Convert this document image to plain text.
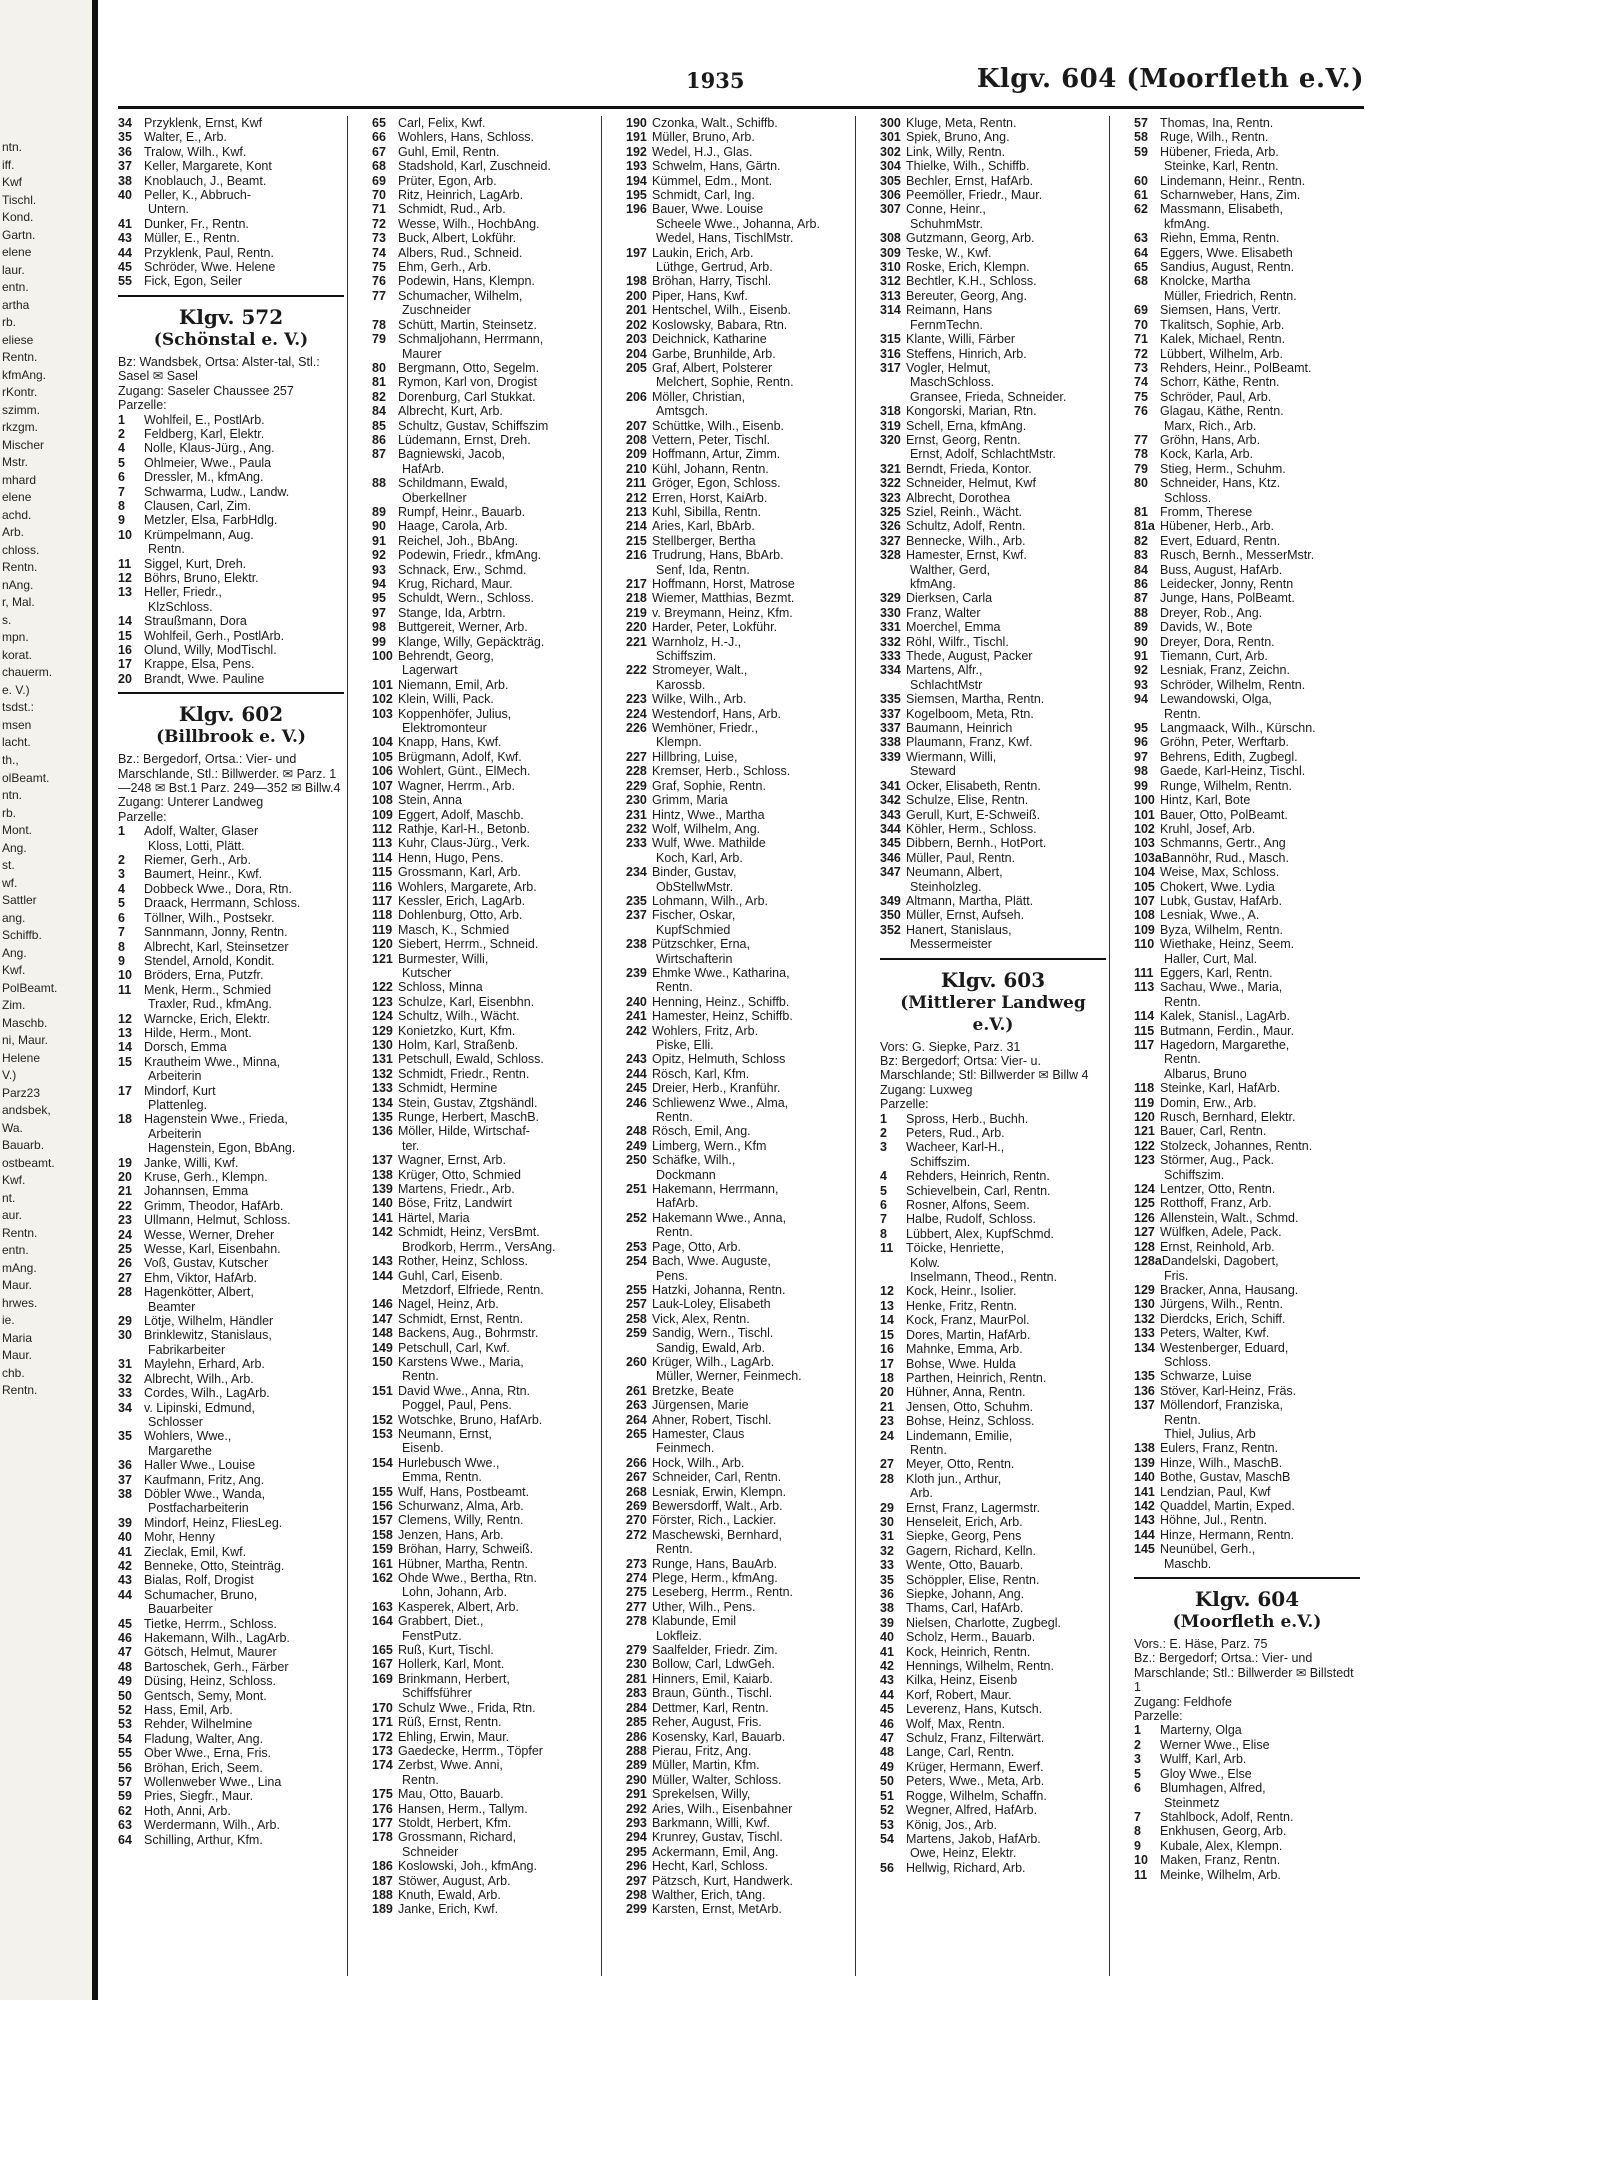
ntn.
iff.
Kwf
Tischl.
Kond.
Gartn.
elene
laur.
entn.
artha
rb.
eliese
Rentn.
kfmAng.
rKontr.
szimm.
rkzgm.
Mischer
Mstr.
mhard
elene
achd.
Arb.
chloss.
Rentn.
nAng.
r, Mal.
s.
mpn.
korat.
chauerm.
e. V.)
tsdst.:
msen
lacht.
th.,
olBeamt.
ntn.
rb.
Mont.
Ang.
st.
wf.
Sattler
ang.
Schiffb.
Ang.
Kwf.
PolBeamt.
Zim.
Maschb.
ni, Maur.
Helene
V.)
Parz23
andsbek,
Wa.
Bauarb.
ostbeamt.
Kwf.
nt.
aur.
Rentn.
entn.
mAng.
Maur.
hrwes.
ie.
Maria
Maur.
chb.
Rentn.
1935	Klgv. 604 (Moorfleth e.V.)
34 Przyklenk, Ernst, Kwf
35 Walter, E., Arb.
36 Tralow, Wilh., Kwf.
37 Keller, Margarete, Kont
38 Knoblauch, J., Beamt.
40 Peller, K., Abbruch-
Untern.
41 Dunker, Fr., Rentn.
43 Müller, E., Rentn.
44 Przyklenk, Paul, Rentn.
45 Schröder, Wwe. Helene
55 Fick, Egon, Seiler
Klgv. 572
(Schönstal e. V.)
Bz: Wandsbek, Ortsa: Alster-tal, Stl.: Sasel ✉ Sasel
Zugang: Saseler Chaussee 257
Parzelle:
1 Wohlfeil, E., PostlArb.
2 Feldberg, Karl, Elektr.
4 Nolle, Klaus-Jürg., Ang.
5 Ohlmeier, Wwe., Paula
6 Dressler, M., kfmAng.
7 Schwarma, Ludw., Landw.
8 Clausen, Carl, Zim.
9 Metzler, Elsa, FarbHdlg.
10 Krümpelmann, Aug.
Rentn.
11 Siggel, Kurt, Dreh.
12 Böhrs, Bruno, Elektr.
13 Heller, Friedr.,
KlzSchloss.
14 Straußmann, Dora
15 Wohlfeil, Gerh., PostlArb.
16 Olund, Willy, ModTischl.
17 Krappe, Elsa, Pens.
20 Brandt, Wwe. Pauline
Klgv. 602
(Billbrook e. V.)
Bz.: Bergedorf, Ortsa.: Vier- und Marschlande, Stl.: Billwerder. ✉ Parz. 1—248 ✉ Bst.1 Parz. 249—352 ✉ Billw.4
Zugang: Unterer Landweg
Parzelle:
1 Adolf, Walter, Glaser
Kloss, Lotti, Plätt.
2 Riemer, Gerh., Arb.
3 Baumert, Heinr., Kwf.
4 Dobbeck Wwe., Dora, Rtn.
5 Draack, Herrmann, Schloss.
6 Töllner, Wilh., Postsekr.
7 Sannmann, Jonny, Rentn.
8 Albrecht, Karl, Steinsetzer
9 Stendel, Arnold, Kondit.
10 Bröders, Erna, Putzfr.
11 Menk, Herm., Schmied
Traxler, Rud., kfmAng.
12 Warncke, Erich, Elektr.
13 Hilde, Herm., Mont.
14 Dorsch, Emma
15 Krautheim Wwe., Minna,
Arbeiterin
17 Mindorf, Kurt
Plattenleg.
18 Hagenstein Wwe., Frieda,
Arbeiterin
Hagenstein, Egon, BbAng.
19 Janke, Willi, Kwf.
20 Kruse, Gerh., Klempn.
21 Johannsen, Emma
22 Grimm, Theodor, HafArb.
23 Ullmann, Helmut, Schloss.
24 Wesse, Werner, Dreher
25 Wesse, Karl, Eisenbahn.
26 Voß, Gustav, Kutscher
27 Ehm, Viktor, HafArb.
28 Hagenkötter, Albert,
Beamter
29 Lötje, Wilhelm, Händler
30 Brinklewitz, Stanislaus,
Fabrikarbeiter
31 Maylehn, Erhard, Arb.
32 Albrecht, Wilh., Arb.
33 Cordes, Wilh., LagArb.
34 v. Lipinski, Edmund,
Schlosser
35 Wohlers, Wwe.,
Margarethe
36 Haller Wwe., Louise
37 Kaufmann, Fritz, Ang.
38 Döbler Wwe., Wanda,
Postfacharbeiterin
39 Mindorf, Heinz, FliesLeg.
40 Mohr, Henny
41 Zieclak, Emil, Kwf.
42 Benneke, Otto, Steinträg.
43 Bialas, Rolf, Drogist
44 Schumacher, Bruno,
Bauarbeiter
45 Tietke, Herrm., Schloss.
46 Hakemann, Wilh., LagArb.
47 Götsch, Helmut, Maurer
48 Bartoschek, Gerh., Färber
49 Düsing, Heinz, Schloss.
50 Gentsch, Semy, Mont.
52 Hass, Emil, Arb.
53 Rehder, Wilhelmine
54 Fladung, Walter, Ang.
55 Ober Wwe., Erna, Fris.
56 Bröhan, Erich, Seem.
57 Wollenweber Wwe., Lina
59 Pries, Siegfr., Maur.
62 Hoth, Anni, Arb.
63 Werdermann, Wilh., Arb.
64 Schilling, Arthur, Kfm.
65 Carl, Felix, Kwf.
66 Wohlers, Hans, Schloss.
67 Guhl, Emil, Rentn.
68 Stadshold, Karl, Zuschneid.
69 Prüter, Egon, Arb.
70 Ritz, Heinrich, LagArb.
71 Schmidt, Rud., Arb.
72 Wesse, Wilh., HochbAng.
73 Buck, Albert, Lokführ.
74 Albers, Rud., Schneid.
75 Ehm, Gerh., Arb.
76 Podewin, Hans, Klempn.
77 Schumacher, Wilhelm,
Zuschneider
78 Schütt, Martin, Steinsetz.
79 Schmaljohann, Herrmann,
Maurer
80 Bergmann, Otto, Segelm.
81 Rymon, Karl von, Drogist
82 Dorenburg, Carl Stukkat.
84 Albrecht, Kurt, Arb.
85 Schultz, Gustav, Schiffszim
86 Lüdemann, Ernst, Dreh.
87 Bagniewski, Jacob,
HafArb.
88 Schildmann, Ewald,
Oberkellner
89 Rumpf, Heinr., Bauarb.
90 Haage, Carola, Arb.
91 Reichel, Joh., BbAng.
92 Podewin, Friedr., kfmAng.
93 Schnack, Erw., Schmd.
94 Krug, Richard, Maur.
95 Schuldt, Wern., Schloss.
97 Stange, Ida, Arbtrn.
98 Buttgereit, Werner, Arb.
99 Klange, Willy, Gepäckträg.
100 Behrendt, Georg,
Lagerwart
101 Niemann, Emil, Arb.
102 Klein, Willi, Pack.
103 Koppenhöfer, Julius,
Elektromonteur
104 Knapp, Hans, Kwf.
105 Brügmann, Adolf, Kwf.
106 Wohlert, Günt., ElMech.
107 Wagner, Herrm., Arb.
108 Stein, Anna
109 Eggert, Adolf, Maschb.
112 Rathje, Karl-H., Betonb.
113 Kuhr, Claus-Jürg., Verk.
114 Henn, Hugo, Pens.
115 Grossmann, Karl, Arb.
116 Wohlers, Margarete, Arb.
117 Kessler, Erich, LagArb.
118 Dohlenburg, Otto, Arb.
119 Masch, K., Schmied
120 Siebert, Herrm., Schneid.
121 Burmester, Willi,
Kutscher
122 Schloss, Minna
123 Schulze, Karl, Eisenbhn.
124 Schultz, Wilh., Wächt.
129 Konietzko, Kurt, Kfm.
130 Holm, Karl, Straßenb.
131 Petschull, Ewald, Schloss.
132 Schmidt, Friedr., Rentn.
133 Schmidt, Hermine
134 Stein, Gustav, Ztgshändl.
135 Runge, Herbert, MaschB.
136 Möller, Hilde, Wirtschaf-
ter.
137 Wagner, Ernst, Arb.
138 Krüger, Otto, Schmied
139 Martens, Friedr., Arb.
140 Böse, Fritz, Landwirt
141 Härtel, Maria
142 Schmidt, Heinz, VersBmt.
Brodkorb, Herrm., VersAng.
143 Rother, Heinz, Schloss.
144 Guhl, Carl, Eisenb.
Metzdorf, Elfriede, Rentn.
146 Nagel, Heinz, Arb.
147 Schmidt, Ernst, Rentn.
148 Backens, Aug., Bohrmstr.
149 Petschull, Carl, Kwf.
150 Karstens Wwe., Maria,
Rentn.
151 David Wwe., Anna, Rtn.
Poggel, Paul, Pens.
152 Wotschke, Bruno, HafArb.
153 Neumann, Ernst,
Eisenb.
154 Hurlebusch Wwe.,
Emma, Rentn.
155 Wulf, Hans, Postbeamt.
156 Schurwanz, Alma, Arb.
157 Clemens, Willy, Rentn.
158 Jenzen, Hans, Arb.
159 Bröhan, Harry, Schweiß.
161 Hübner, Martha, Rentn.
162 Ohde Wwe., Bertha, Rtn.
Lohn, Johann, Arb.
163 Kasperek, Albert, Arb.
164 Grabbert, Diet.,
FenstPutz.
165 Ruß, Kurt, Tischl.
167 Hollerk, Karl, Mont.
169 Brinkmann, Herbert,
Schiffsführer
170 Schulz Wwe., Frida, Rtn.
171 Rüß, Ernst, Rentn.
172 Ehling, Erwin, Maur.
173 Gaedecke, Herrm., Töpfer
174 Zerbst, Wwe. Anni,
Rentn.
175 Mau, Otto, Bauarb.
176 Hansen, Herm., Tallym.
177 Stoldt, Herbert, Kfm.
178 Grossmann, Richard,
Schneider
186 Koslowski, Joh., kfmAng.
187 Stöwer, August, Arb.
188 Knuth, Ewald, Arb.
189 Janke, Erich, Kwf.
190 Czonka, Walt., Schiffb.
191 Müller, Bruno, Arb.
192 Wedel, H.J., Glas.
193 Schwelm, Hans, Gärtn.
194 Kümmel, Edm., Mont.
195 Schmidt, Carl, Ing.
196 Bauer, Wwe. Louise
Scheele Wwe., Johanna, Arb.
Wedel, Hans, TischlMstr.
197 Laukin, Erich, Arb.
Lüthge, Gertrud, Arb.
198 Bröhan, Harry, Tischl.
200 Piper, Hans, Kwf.
201 Hentschel, Wilh., Eisenb.
202 Koslowsky, Babara, Rtn.
203 Deichnick, Katharine
204 Garbe, Brunhilde, Arb.
205 Graf, Albert, Polsterer
Melchert, Sophie, Rentn.
206 Möller, Christian,
Amtsgch.
207 Schüttke, Wilh., Eisenb.
208 Vettern, Peter, Tischl.
209 Hoffmann, Artur, Zimm.
210 Kühl, Johann, Rentn.
211 Gröger, Egon, Schloss.
212 Erren, Horst, KaiArb.
213 Kuhl, Sibilla, Rentn.
214 Aries, Karl, BbArb.
215 Stellberger, Bertha
216 Trudrung, Hans, BbArb.
Senf, Ida, Rentn.
217 Hoffmann, Horst, Matrose
218 Wiemer, Matthias, Bezmt.
219 v. Breymann, Heinz, Kfm.
220 Harder, Peter, Lokführ.
221 Warnholz, H.-J.,
Schiffszim.
222 Stromeyer, Walt.,
Karossb.
223 Wilke, Wilh., Arb.
224 Westendorf, Hans, Arb.
226 Wemhöner, Friedr.,
Klempn.
227 Hillbring, Luise,
228 Kremser, Herb., Schloss.
229 Graf, Sophie, Rentn.
230 Grimm, Maria
231 Hintz, Wwe., Martha
232 Wolf, Wilhelm, Ang.
233 Wulf, Wwe. Mathilde
Koch, Karl, Arb.
234 Binder, Gustav,
ObStellwMstr.
235 Lohmann, Wilh., Arb.
237 Fischer, Oskar,
KupfSchmied
238 Pützschker, Erna,
Wirtschafterin
239 Ehmke Wwe., Katharina,
Rentn.
240 Henning, Heinz., Schiffb.
241 Hamester, Heinz, Schiffb.
242 Wohlers, Fritz, Arb.
Piske, Elli.
243 Opitz, Helmuth, Schloss
244 Rösch, Karl, Kfm.
245 Dreier, Herb., Kranführ.
246 Schliewenz Wwe., Alma,
Rentn.
248 Rösch, Emil, Ang.
249 Limberg, Wern., Kfm
250 Schäfke, Wilh.,
Dockmann
251 Hakemann, Herrmann,
HafArb.
252 Hakemann Wwe., Anna,
Rentn.
253 Page, Otto, Arb.
254 Bach, Wwe. Auguste,
Pens.
255 Hatzki, Johanna, Rentn.
257 Lauk-Loley, Elisabeth
258 Vick, Alex, Rentn.
259 Sandig, Wern., Tischl.
Sandig, Ewald, Arb.
260 Krüger, Wilh., LagArb.
Müller, Werner, Feinmech.
261 Bretzke, Beate
263 Jürgensen, Marie
264 Ahner, Robert, Tischl.
265 Hamester, Claus
Feinmech.
266 Hock, Wilh., Arb.
267 Schneider, Carl, Rentn.
268 Lesniak, Erwin, Klempn.
269 Bewersdorff, Walt., Arb.
270 Förster, Rich., Lackier.
272 Maschewski, Bernhard,
Rentn.
273 Runge, Hans, BauArb.
274 Plege, Herm., kfmAng.
275 Leseberg, Herrm., Rentn.
277 Uther, Wilh., Pens.
278 Klabunde, Emil
Lokfleiz.
279 Saalfelder, Friedr. Zim.
230 Bollow, Carl, LdwGeh.
281 Hinners, Emil, Kaiarb.
283 Braun, Günth., Tischl.
284 Dettmer, Karl, Rentn.
285 Reher, August, Fris.
286 Kosensky, Karl, Bauarb.
288 Pierau, Fritz, Ang.
289 Müller, Martin, Kfm.
290 Müller, Walter, Schloss.
291 Sprekelsen, Willy,
292 Aries, Wilh., Eisenbahner
293 Barkmann, Willi, Kwf.
294 Krunrey, Gustav, Tischl.
295 Ackermann, Emil, Ang.
296 Hecht, Karl, Schloss.
297 Pätzsch, Kurt, Handwerk.
298 Walther, Erich, tAng.
299 Karsten, Ernst, MetArb.
300 Kluge, Meta, Rentn.
301 Spiek, Bruno, Ang.
302 Link, Willy, Rentn.
304 Thielke, Wilh., Schiffb.
305 Bechler, Ernst, HafArb.
306 Peemöller, Friedr., Maur.
307 Conne, Heinr.,
SchuhmMstr.
308 Gutzmann, Georg, Arb.
309 Teske, W., Kwf.
310 Roske, Erich, Klempn.
312 Bechtler, K.H., Schloss.
313 Bereuter, Georg, Ang.
314 Reimann, Hans
FernmTechn.
315 Klante, Willi, Färber
316 Steffens, Hinrich, Arb.
317 Vogler, Helmut,
MaschSchloss.
Gransee, Frieda, Schneider.
318 Kongorski, Marian, Rtn.
319 Schell, Erna, kfmAng.
320 Ernst, Georg, Rentn.
Ernst, Adolf, SchlachtMstr.
321 Berndt, Frieda, Kontor.
322 Schneider, Helmut, Kwf
323 Albrecht, Dorothea
325 Sziel, Reinh., Wächt.
326 Schultz, Adolf, Rentn.
327 Bennecke, Wilh., Arb.
328 Hamester, Ernst, Kwf.
Walther, Gerd,
kfmAng.
329 Dierksen, Carla
330 Franz, Walter
331 Moerchel, Emma
332 Röhl, Wilfr., Tischl.
333 Thede, August, Packer
334 Martens, Alfr.,
SchlachtMstr
335 Siemsen, Martha, Rentn.
337 Kogelboom, Meta, Rtn.
337 Baumann, Heinrich
338 Plaumann, Franz, Kwf.
339 Wiermann, Willi,
Steward
341 Ocker, Elisabeth, Rentn.
342 Schulze, Elise, Rentn.
343 Gerull, Kurt, E-Schweiß.
344 Köhler, Herm., Schloss.
345 Dibbern, Bernh., HotPort.
346 Müller, Paul, Rentn.
347 Neumann, Albert,
Steinholzleg.
349 Altmann, Martha, Plätt.
350 Müller, Ernst, Aufseh.
352 Hanert, Stanislaus,
Messermeister
Klgv. 603
(Mittlerer Landweg e.V.)
Vors: G. Siepke, Parz. 31
Bz: Bergedorf; Ortsa: Vier- u. Marschlande; Stl: Billwerder ✉ Billw 4
Zugang: Luxweg
Parzelle:
1 Spross, Herb., Buchh.
2 Peters, Rud., Arb.
3 Wacheer, Karl-H.,
Schiffszim.
4 Rehders, Heinrich, Rentn.
5 Schievelbein, Carl, Rentn.
6 Rosner, Alfons, Seem.
7 Halbe, Rudolf, Schloss.
8 Lübbert, Alex, KupfSchmd.
11 Töicke, Henriette,
Kolw.
Inselmann, Theod., Rentn.
12 Kock, Heinr., Isolier.
13 Henke, Fritz, Rentn.
14 Kock, Franz, MaurPol.
15 Dores, Martin, HafArb.
16 Mahnke, Emma, Arb.
17 Bohse, Wwe. Hulda
18 Parthen, Heinrich, Rentn.
20 Hühner, Anna, Rentn.
21 Jensen, Otto, Schuhm.
23 Bohse, Heinz, Schloss.
24 Lindemann, Emilie,
Rentn.
27 Meyer, Otto, Rentn.
28 Kloth jun., Arthur,
Arb.
29 Ernst, Franz, Lagermstr.
30 Henseleit, Erich, Arb.
31 Siepke, Georg, Pens
32 Gagern, Richard, Kelln.
33 Wente, Otto, Bauarb.
35 Schöppler, Elise, Rentn.
36 Siepke, Johann, Ang.
38 Thams, Carl, HafArb.
39 Nielsen, Charlotte, Zugbegl.
40 Scholz, Herm., Bauarb.
41 Kock, Heinrich, Rentn.
42 Hennings, Wilhelm, Rentn.
43 Kilka, Heinz, Eisenb
44 Korf, Robert, Maur.
45 Leverenz, Hans, Kutsch.
46 Wolf, Max, Rentn.
47 Schulz, Franz, Filterwärt.
48 Lange, Carl, Rentn.
49 Krüger, Hermann, Ewerf.
50 Peters, Wwe., Meta, Arb.
51 Rogge, Wilhelm, Schaffn.
52 Wegner, Alfred, HafArb.
53 König, Jos., Arb.
54 Martens, Jakob, HafArb.
Owe, Heinz, Elektr.
56 Hellwig, Richard, Arb.
57 Thomas, Ina, Rentn.
58 Ruge, Wilh., Rentn.
59 Hübener, Frieda, Arb.
Steinke, Karl, Rentn.
60 Lindemann, Heinr., Rentn.
61 Scharnweber, Hans, Zim.
62 Massmann, Elisabeth,
kfmAng.
63 Riehn, Emma, Rentn.
64 Eggers, Wwe. Elisabeth
65 Sandius, August, Rentn.
68 Knolcke, Martha
Müller, Friedrich, Rentn.
69 Siemsen, Hans, Vertr.
70 Tkalitsch, Sophie, Arb.
71 Kalek, Michael, Rentn.
72 Lübbert, Wilhelm, Arb.
73 Rehders, Heinr., PolBeamt.
74 Schorr, Käthe, Rentn.
75 Schröder, Paul, Arb.
76 Glagau, Käthe, Rentn.
Marx, Rich., Arb.
77 Gröhn, Hans, Arb.
78 Kock, Karla, Arb.
79 Stieg, Herm., Schuhm.
80 Schneider, Hans, Ktz.
Schloss.
81 Fromm, Therese
81a Hübener, Herb., Arb.
82 Evert, Eduard, Rentn.
83 Rusch, Bernh., MesserMstr.
84 Buss, August, HafArb.
86 Leidecker, Jonny, Rentn
87 Junge, Hans, PolBeamt.
88 Dreyer, Rob., Ang.
89 Davids, W., Bote
90 Dreyer, Dora, Rentn.
91 Tiemann, Curt, Arb.
92 Lesniak, Franz, Zeichn.
93 Schröder, Wilhelm, Rentn.
94 Lewandowski, Olga,
Rentn.
95 Langmaack, Wilh., Kürschn.
96 Gröhn, Peter, Werftarb.
97 Behrens, Edith, Zugbegl.
98 Gaede, Karl-Heinz, Tischl.
99 Runge, Wilhelm, Rentn.
100 Hintz, Karl, Bote
101 Bauer, Otto, PolBeamt.
102 Kruhl, Josef, Arb.
103 Schmanns, Gertr., Ang
103aBannöhr, Rud., Masch.
104 Weise, Max, Schloss.
105 Chokert, Wwe. Lydia
107 Lubk, Gustav, HafArb.
108 Lesniak, Wwe., A.
109 Byza, Wilhelm, Rentn.
110 Wiethake, Heinz, Seem.
Haller, Curt, Mal.
111 Eggers, Karl, Rentn.
113 Sachau, Wwe., Maria,
Rentn.
114 Kalek, Stanisl., LagArb.
115 Butmann, Ferdin., Maur.
117 Hagedorn, Margarethe,
Rentn.
Albarus, Bruno
118 Steinke, Karl, HafArb.
119 Domin, Erw., Arb.
120 Rusch, Bernhard, Elektr.
121 Bauer, Carl, Rentn.
122 Stolzeck, Johannes, Rentn.
123 Störmer, Aug., Pack.
Schiffszim.
124 Lentzer, Otto, Rentn.
125 Rotthoff, Franz, Arb.
126 Allenstein, Walt., Schmd.
127 Wülfken, Adele, Pack.
128 Ernst, Reinhold, Arb.
128aDandelski, Dagobert,
Fris.
129 Bracker, Anna, Hausang.
130 Jürgens, Wilh., Rentn.
132 Dierdcks, Erich, Schiff.
133 Peters, Walter, Kwf.
134 Westenberger, Eduard,
Schloss.
135 Schwarze, Luise
136 Stöver, Karl-Heinz, Fräs.
137 Möllendorf, Franziska,
Rentn.
Thiel, Julius, Arb
138 Eulers, Franz, Rentn.
139 Hinze, Wilh., MaschB.
140 Bothe, Gustav, MaschB
141 Lendzian, Paul, Kwf
142 Quaddel, Martin, Exped.
143 Höhne, Jul., Rentn.
144 Hinze, Hermann, Rentn.
145 Neunübel, Gerh.,
Maschb.
Klgv. 604
(Moorfleth e.V.)
Vors.: E. Häse, Parz. 75
Bz.: Bergedorf; Ortsa.: Vier- und Marschlande; Stl.: Billwerder ✉ Billstedt 1
Zugang: Feldhofe
Parzelle:
1 Marterny, Olga
2 Werner Wwe., Elise
3 Wulff, Karl, Arb.
5 Gloy Wwe., Else
6 Blumhagen, Alfred,
Steinmetz
7 Stahlbock, Adolf, Rentn.
8 Enkhusen, Georg, Arb.
9 Kubale, Alex, Klempn.
10 Maken, Franz, Rentn.
11 Meinke, Wilhelm, Arb.
